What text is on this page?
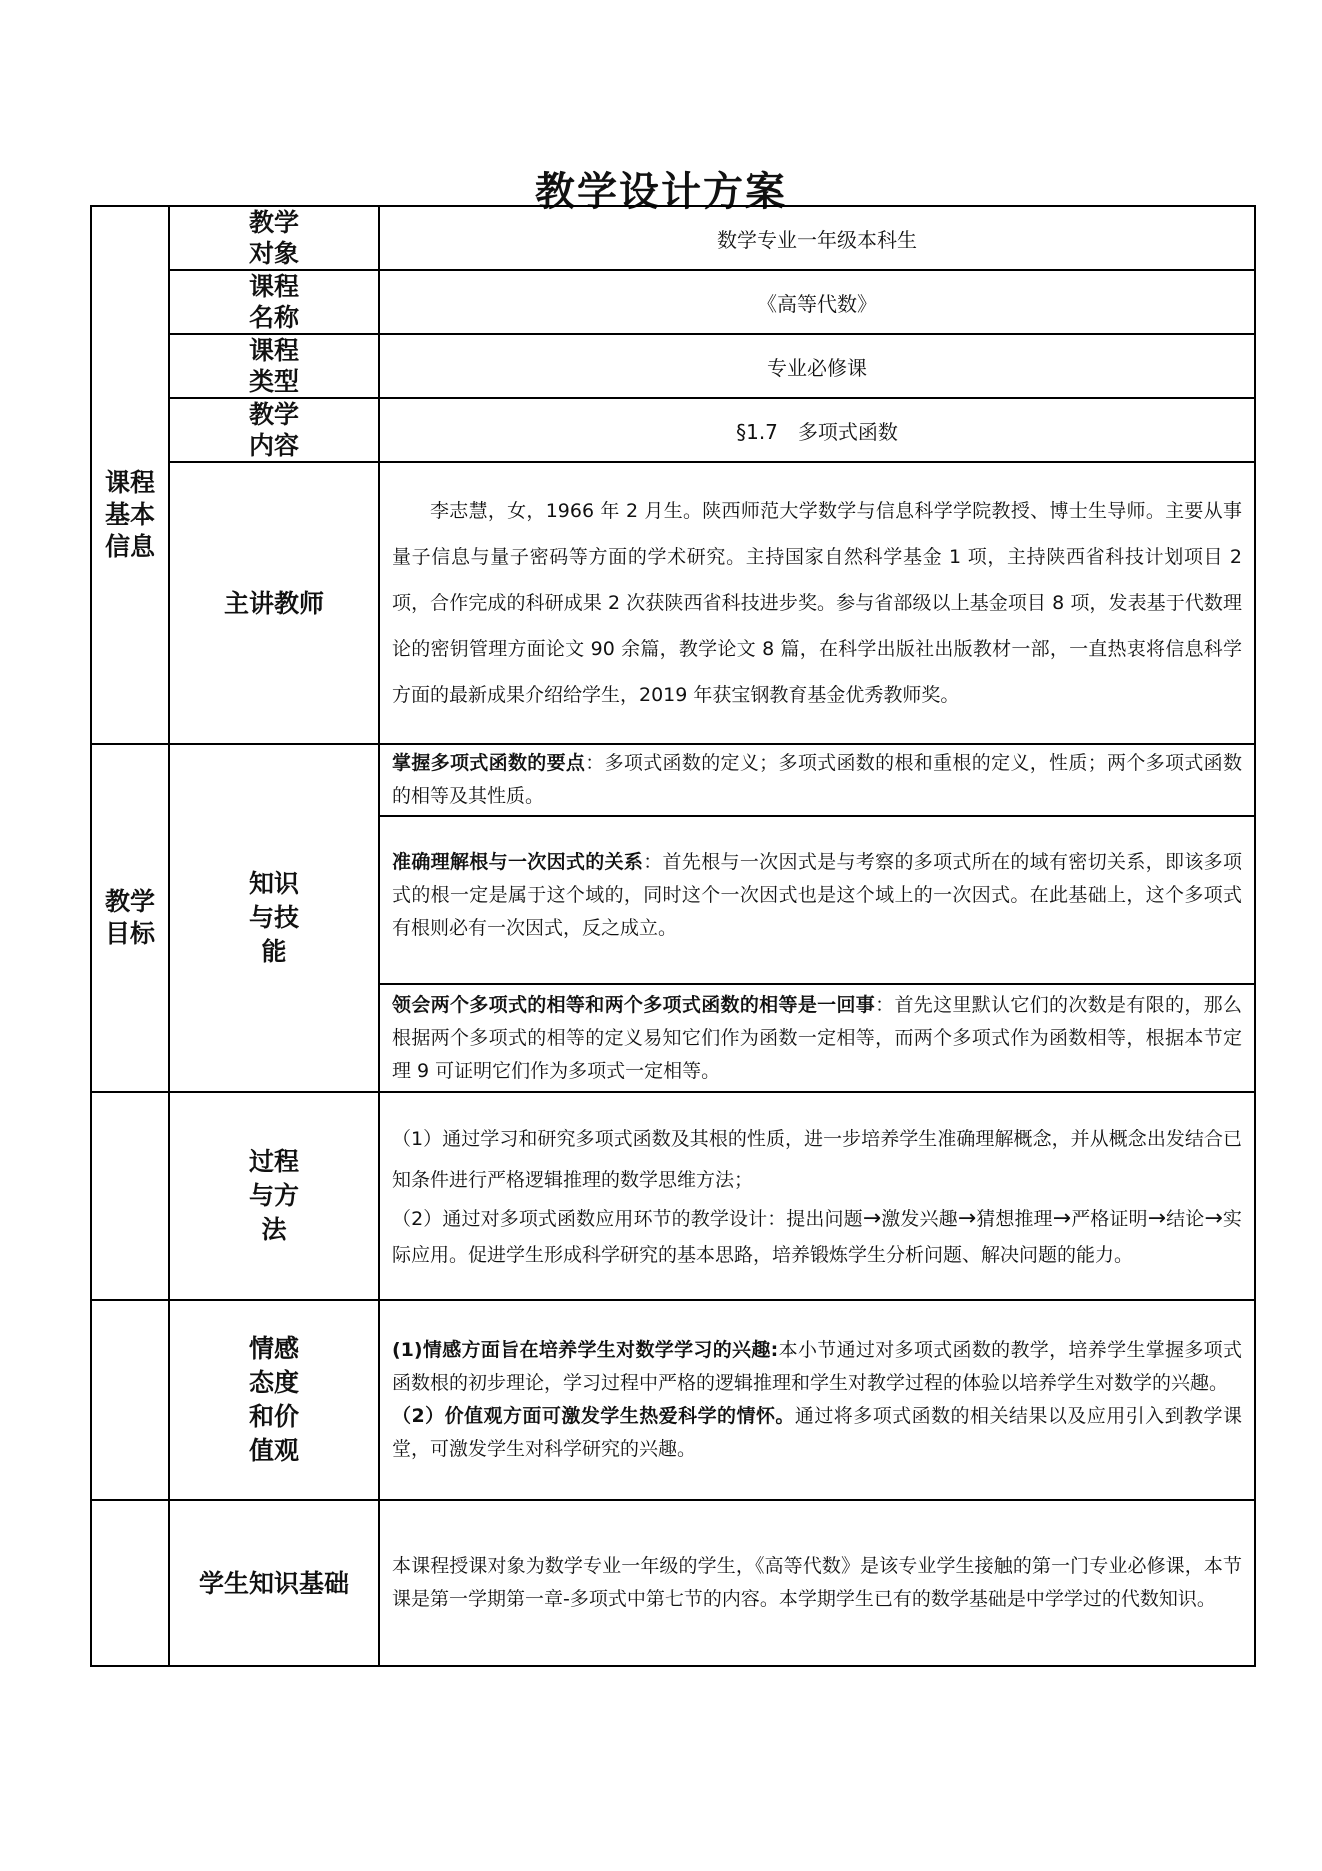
教学设计方案
课程基本信息	教学对象	数学专业一年级本科生

	课程名称	《高等代数》

	课程类型	专业必修课

	教学内容	§1.7　多项式函数
	主讲教师	李志慧，女，1966 年 2 月生。陕西师范大学数学与信息科学学院教授、博士生导师。主要从事量子信息与量子密码等方面的学术研究。主持国家自然科学基金 1 项，主持陕西省科技计划项目 2 项，合作完成的科研成果 2 次获陕西省科技进步奖。参与省部级以上基金项目 8 项，发表基于代数理论的密钥管理方面论文 90 余篇，教学论文 8 篇，在科学出版社出版教材一部，一直热衷将信息科学方面的最新成果介绍给学生，2019 年获宝钢教育基金优秀教师奖。

教学目标	知识与技能	掌握多项式函数的要点：多项式函数的定义；多项式函数的根和重根的定义，性质；两个多项式函数的相等及其性质。
		准确理解根与一次因式的关系：首先根与一次因式是与考察的多项式所在的域有密切关系，即该多项式的根一定是属于这个域的，同时这个一次因式也是这个域上的一次因式。在此基础上，这个多项式有根则必有一次因式，反之成立。
		领会两个多项式的相等和两个多项式函数的相等是一回事：首先这里默认它们的次数是有限的，那么根据两个多项式的相等的定义易知它们作为函数一定相等，而两个多项式作为函数相等，根据本节定理 9 可证明它们作为多项式一定相等。

	过程与方法	（1）通过学习和研究多项式函数及其根的性质，进一步培养学生准确理解概念，并从概念出发结合已知条件进行严格逻辑推理的数学思维方法；
（2）通过对多项式函数应用环节的教学设计：提出问题→激发兴趣→猜想推理→严格证明→结论→实际应用。促进学生形成科学研究的基本思路，培养锻炼学生分析问题、解决问题的能力。

	情感态度和价值观	(1)情感方面旨在培养学生对数学学习的兴趣:本小节通过对多项式函数的教学，培养学生掌握多项式函数根的初步理论，学习过程中严格的逻辑推理和学生对教学过程的体验以培养学生对数学的兴趣。
（2）价值观方面可激发学生热爱科学的情怀。通过将多项式函数的相关结果以及应用引入到教学课堂，可激发学生对科学研究的兴趣。

	学生知识基础	本课程授课对象为数学专业一年级的学生，《高等代数》是该专业学生接触的第一门专业必修课，本节课是第一学期第一章-多项式中第七节的内容。本学期学生已有的数学基础是中学学过的代数知识。
